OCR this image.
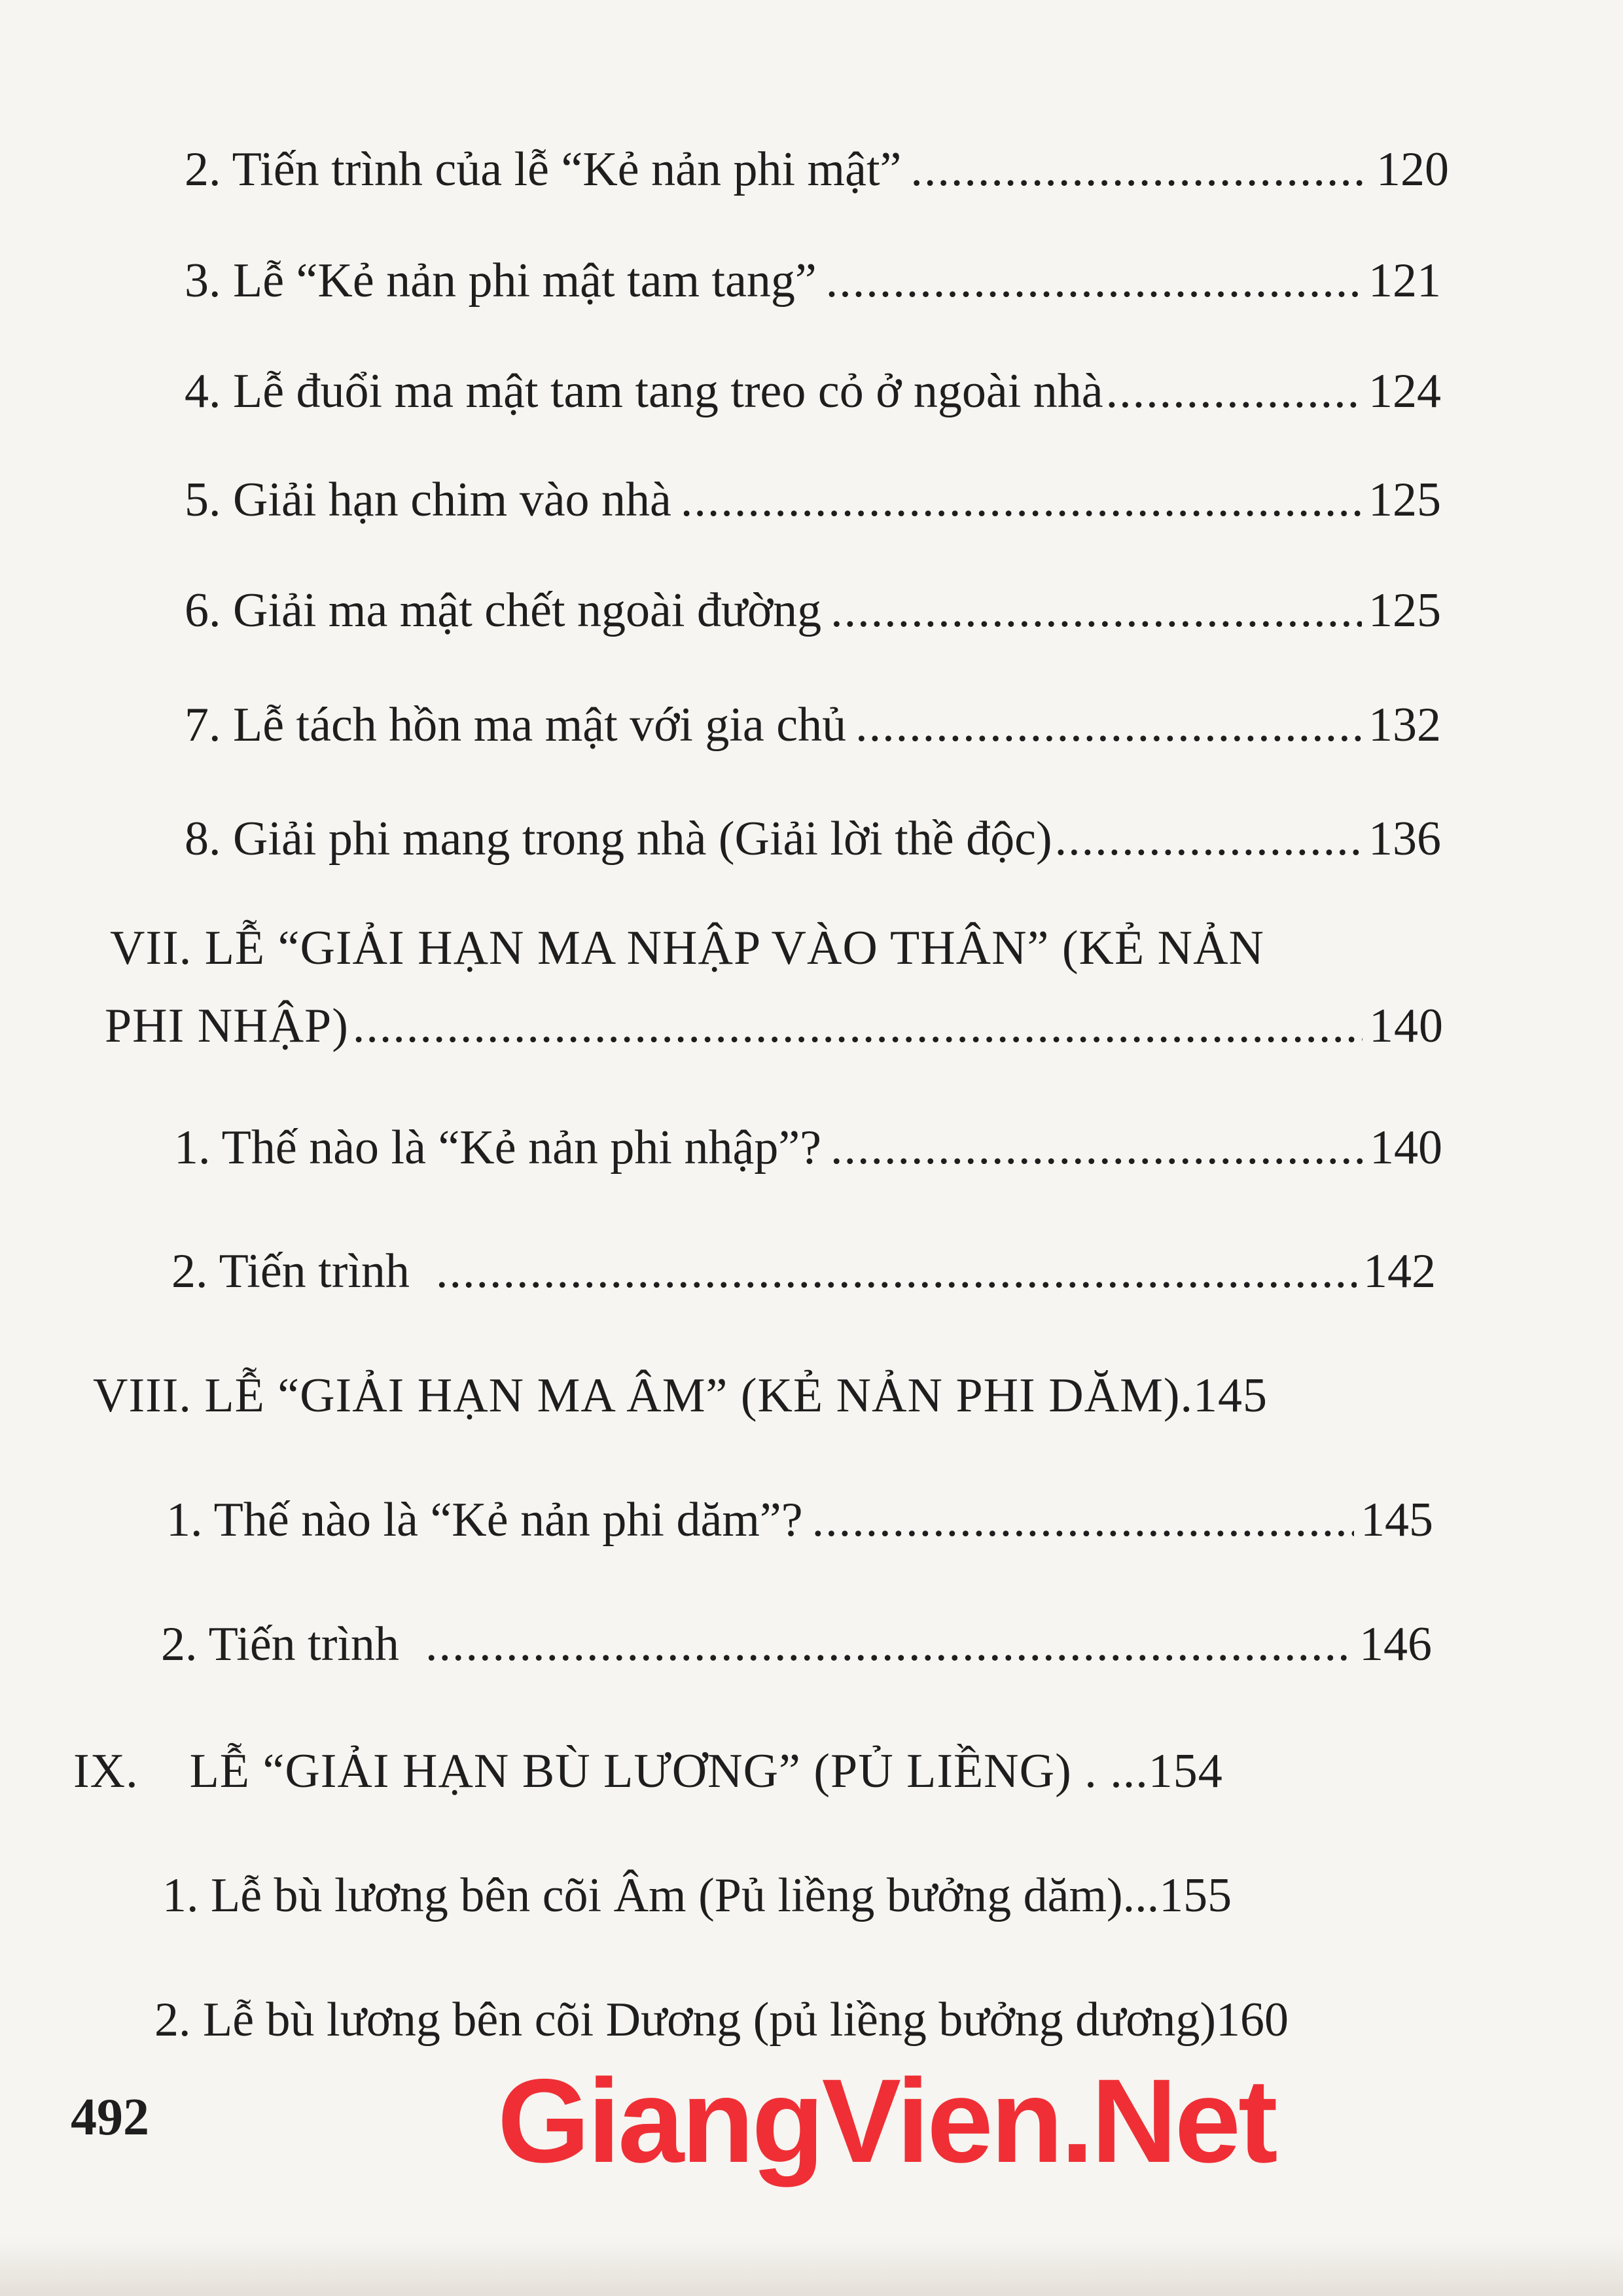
2. Tiến trình của lễ “Kẻ nản phi mật” .....	120
3. Lễ “Kẻ nản phi mật tam tang” .....	121
4. Lễ đuổi ma mật tam tang treo cỏ ở ngoài nhà .....	124
5. Giải hạn chim vào nhà .....	125
6. Giải ma mật chết ngoài đường .....	125
7. Lễ tách hồn ma mật với gia chủ .....	132
8. Giải phi mang trong nhà (Giải lời thề độc) .....	136
VII. LỄ “GIẢI HẠN MA NHẬP VÀO THÂN” (KẺ NẢN
PHI NHẬP) .....	140
1. Thế nào là “Kẻ nản phi nhập”? .....	140
2. Tiến trình .....	142
VIII. LỄ “GIẢI HẠN MA ÂM” (KẺ NẢN PHI DĂM). 145
1. Thế nào là “Kẻ nản phi dăm”? .....	145
2. Tiến trình .....	146
IX.    LỄ “GIẢI HẠN BÙ LƯƠNG” (PỦ LIỀNG) . ... 154
1. Lễ bù lương bên cõi Âm (Pủ liềng bưởng dăm)... 155
2. Lễ bù lương bên cõi Dương (pủ liềng bưởng dương) 160
492	GiangVien.Net
